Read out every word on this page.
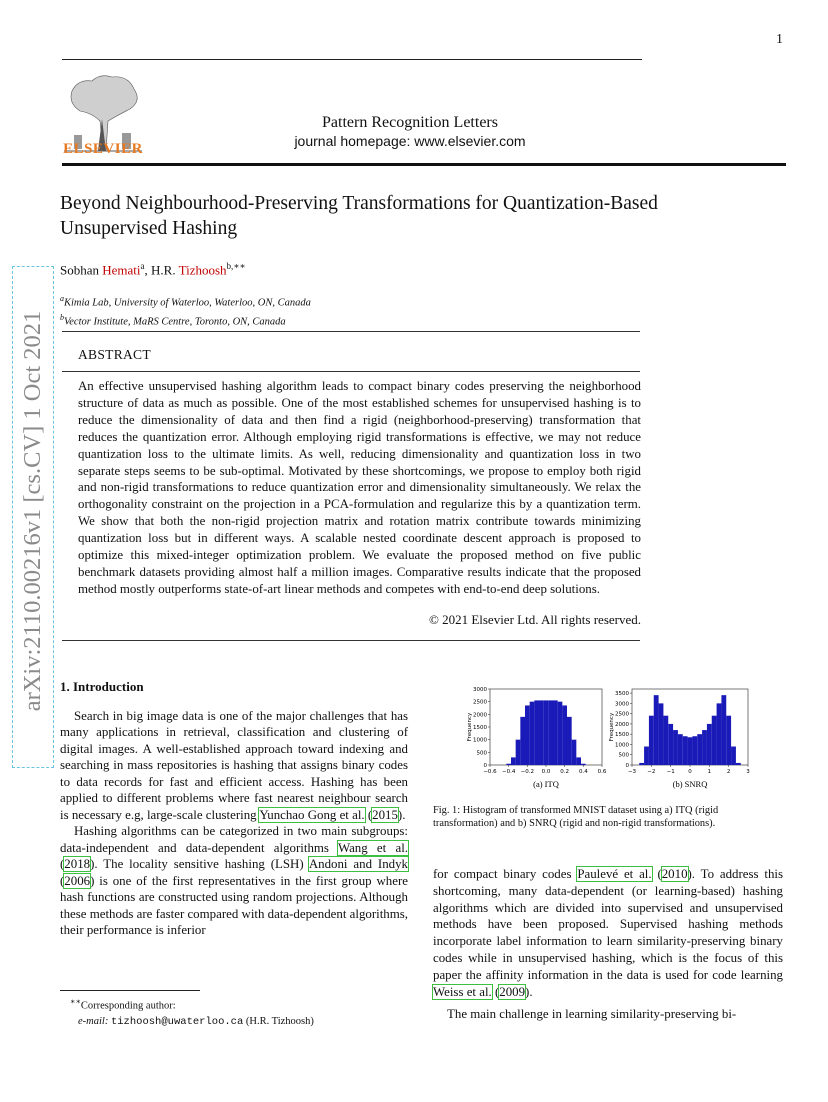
1
ELSEVIER
Pattern Recognition Letters
journal homepage: www.elsevier.com
arXiv:2110.00216v1 [cs.CV] 1 Oct 2021
Beyond Neighbourhood-Preserving Transformations for Quantization-Based Unsupervised Hashing
Sobhan Hemati$^a$, H.R. Tizhoosh$^{b,∗∗}$
$^a$Kimia Lab, University of Waterloo, Waterloo, ON, Canada
$^b$Vector Institute, MaRS Centre, Toronto, ON, Canada
ABSTRACT
An effective unsupervised hashing algorithm leads to compact binary codes preserving the neighborhood structure of data as much as possible. One of the most established schemes for unsupervised hashing is to reduce the dimensionality of data and then find a rigid (neighborhood-preserving) transformation that reduces the quantization error. Although employing rigid transformations is effective, we may not reduce quantization loss to the ultimate limits. As well, reducing dimensionality and quantization loss in two separate steps seems to be sub-optimal. Motivated by these shortcomings, we propose to employ both rigid and non-rigid transformations to reduce quantization error and dimensionality simultaneously. We relax the orthogonality constraint on the projection in a PCA-formulation and regularize this by a quantization term. We show that both the non-rigid projection matrix and rotation matrix contribute towards minimizing quantization loss but in different ways. A scalable nested coordinate descent approach is proposed to optimize this mixed-integer optimization problem. We evaluate the proposed method on five public benchmark datasets providing almost half a million images. Comparative results indicate that the proposed method mostly outperforms state-of-art linear methods and competes with end-to-end deep solutions.
© 2021 Elsevier Ltd. All rights reserved.
1. Introduction

Search in big image data is one of the major challenges that has many applications in retrieval, classification and clustering of digital images. A well-established approach toward indexing and searching in mass repositories is hashing that assigns binary codes to data records for fast and efficient access. Hashing has been applied to different problems where fast nearest neighbour search is necessary e.g, large-scale clustering Yunchao Gong et al. (2015).

Hashing algorithms can be categorized in two main subgroups: data-independent and data-dependent algorithms Wang et al. (2018). The locality sensitive hashing (LSH) Andoni and Indyk (2006) is one of the first representatives in the first group where hash functions are constructed using random projections. Although these methods are faster compared with data-dependent algorithms, their performance is inferior

∗∗Corresponding author:
e-mail: tizhoosh@uwaterloo.ca (H.R. Tizhoosh)
−0.6 −0.4 −0.2 0.0 0.2 0.4 0.6
0
500
1000
1500
2000
2500
3000
Frequency
(a) ITQ
−3 −2 −1 0	1	2	3
0
500
1000
1500
2000
2500
3000
3500
Frequency
(b) SNRQ
Fig. 1: Histogram of transformed MNIST dataset using a) ITQ (rigid transformation) and b) SNRQ (rigid and non-rigid transformations).

for compact binary codes Paulevé et al. (2010). To address this shortcoming, many data-dependent (or learning-based) hashing algorithms which are divided into supervised and unsupervised methods have been proposed. Supervised hashing methods incorporate label information to learn similarity-preserving binary codes while in unsupervised hashing, which is the focus of this paper the affinity information in the data is used for code learning Weiss et al. (2009).

The main challenge in learning similarity-preserving bi-
